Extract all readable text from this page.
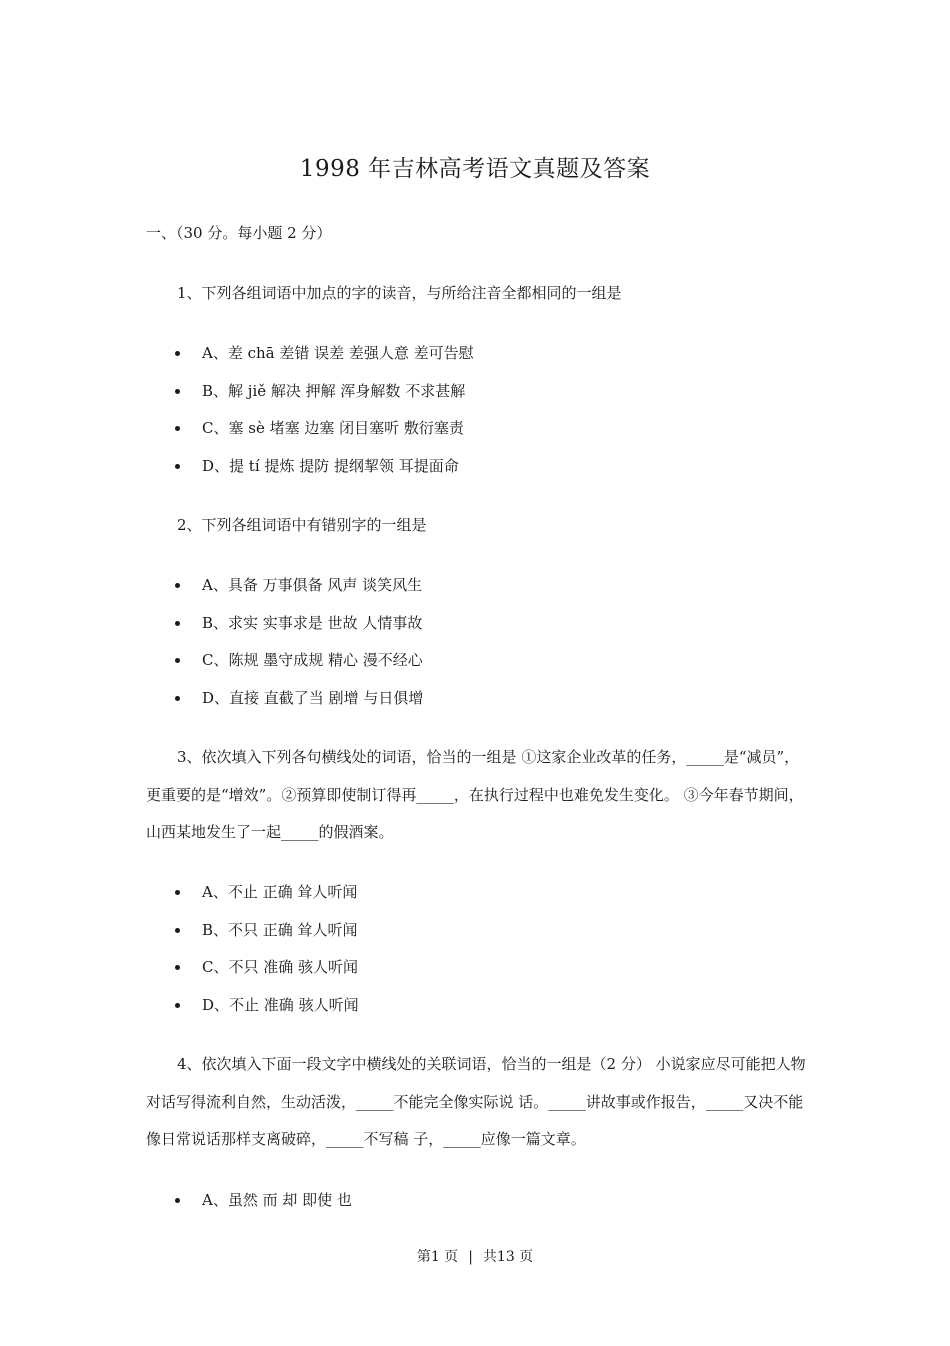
1998 年吉林高考语文真题及答案
一、（30 分。每小题 2 分）
1、下列各组词语中加点的字的读音，与所给注音全都相同的一组是
A、差 chā 差错 误差 差强人意 差可告慰
B、解 jiě 解决 押解 浑身解数 不求甚解
C、塞 sè 堵塞 边塞 闭目塞听 敷衍塞责
D、提 tí 提炼 提防 提纲挈领 耳提面命
2、下列各组词语中有错别字的一组是
A、具备 万事俱备 风声 谈笑风生
B、求实 实事求是 世故 人情事故
C、陈规 墨守成规 精心 漫不经心
D、直接 直截了当 剧增 与日俱增
3、依次填入下列各句横线处的词语，恰当的一组是 ①这家企业改革的任务，_____是“减员”，更重要的是“增效”。②预算即使制订得再_____，在执行过程中也难免发生变化。 ③今年春节期间，山西某地发生了一起_____的假酒案。
A、不止 正确 耸人听闻
B、不只 正确 耸人听闻
C、不只 准确 骇人听闻
D、不止 准确 骇人听闻
4、依次填入下面一段文字中横线处的关联词语，恰当的一组是（2 分） 小说家应尽可能把人物对话写得流利自然，生动活泼，_____不能完全像实际说 话。_____讲故事或作报告，_____又决不能像日常说话那样支离破碎，_____不写稿 子，_____应像一篇文章。
A、虽然 而 却 即使 也
第1 页 | 共13 页
